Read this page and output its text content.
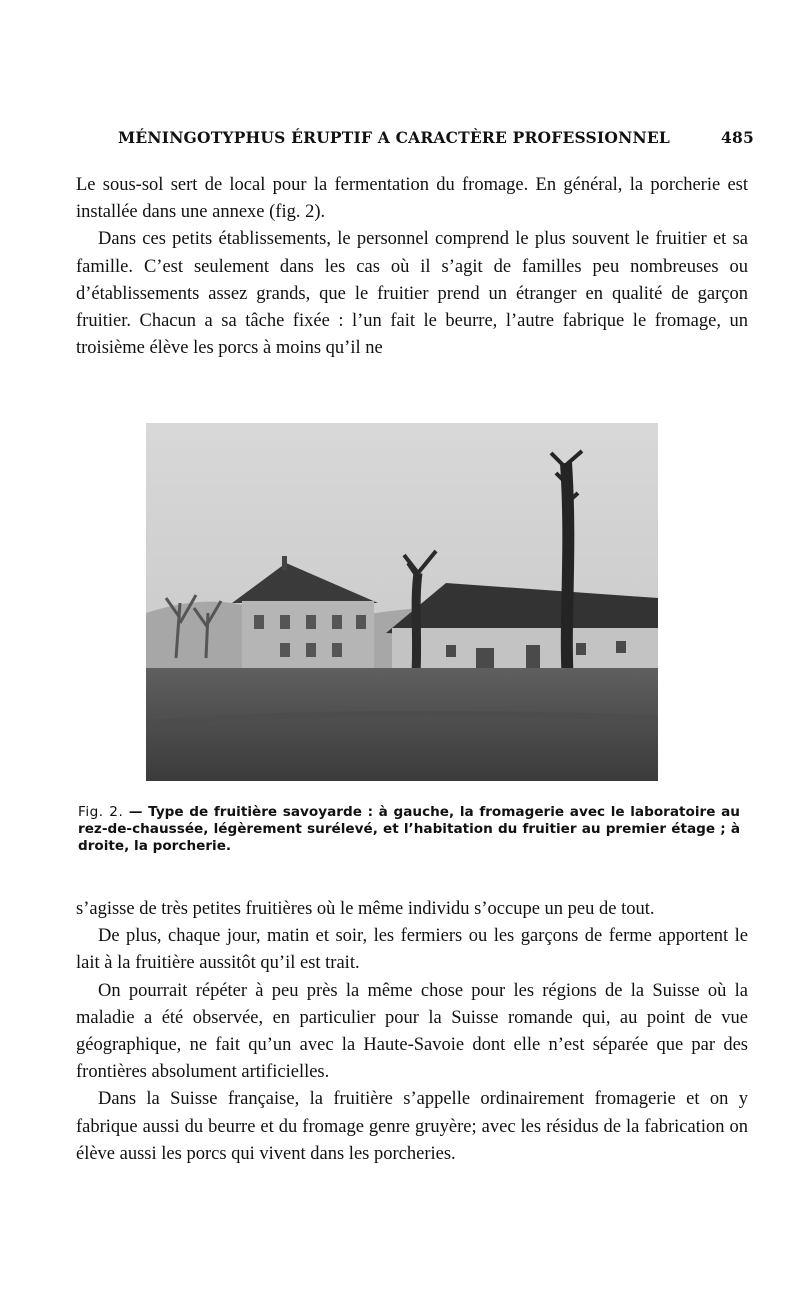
MÉNINGOTYPHUS ÉRUPTIF A CARACTÈRE PROFESSIONNEL	485

Le sous-sol sert de local pour la fermentation du fromage. En général, la porcherie est installée dans une annexe (fig. 2).

Dans ces petits établissements, le personnel comprend le plus souvent le fruitier et sa famille. C’est seulement dans les cas où il s’agit de familles peu nombreuses ou d’établissements assez grands, que le fruitier prend un étranger en qualité de garçon fruitier. Chacun a sa tâche fixée : l’un fait le beurre, l’autre fabrique le fromage, un troisième élève les porcs à moins qu’il ne

Fig. 2. — Type de fruitière savoyarde : à gauche, la fromagerie avec le laboratoire au rez-de-chaussée, légèrement surélevé, et l’habitation du fruitier au premier étage ; à droite, la porcherie.

s’agisse de très petites fruitières où le même individu s’occupe un peu de tout.

De plus, chaque jour, matin et soir, les fermiers ou les garçons de ferme apportent le lait à la fruitière aussitôt qu’il est trait.

On pourrait répéter à peu près la même chose pour les régions de la Suisse où la maladie a été observée, en particulier pour la Suisse romande qui, au point de vue géographique, ne fait qu’un avec la Haute-Savoie dont elle n’est séparée que par des frontières absolument artificielles.

Dans la Suisse française, la fruitière s’appelle ordinairement fromagerie et on y fabrique aussi du beurre et du fromage genre gruyère; avec les résidus de la fabrication on élève aussi les porcs qui vivent dans les porcheries.
